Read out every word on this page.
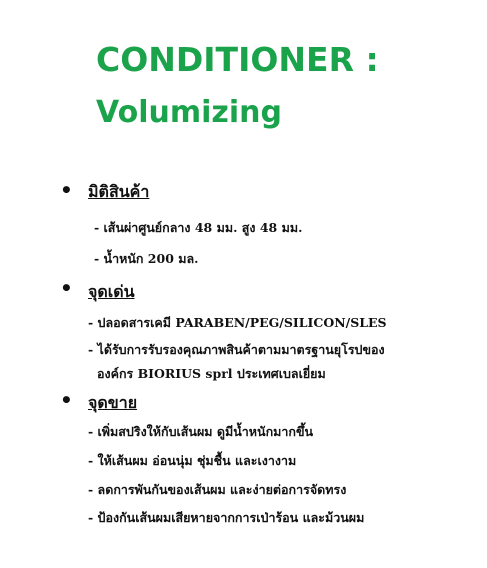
CONDITIONER :
Volumizing
• มิติสินค้า
- เส้นผ่าศูนย์กลาง 48 มม. สูง 48 มม.
- น้ำหนัก 200 มล.
• จุดเด่น
- ปลอดสารเคมี PARABEN/PEG/SILICON/SLES
- ได้รับการรับรองคุณภาพสินค้าตามมาตรฐานยุโรปของ
องค์กร BIORIUS sprl ประเทศเบลเยี่ยม
• จุดขาย
- เพิ่มสปริงให้กับเส้นผม ดูมีน้ำหนักมากขึ้น
- ให้เส้นผม อ่อนนุ่ม ชุ่มชื้น และเงางาม
- ลดการพันกันของเส้นผม และง่ายต่อการจัดทรง
- ป้องกันเส้นผมเสียหายจากการเป่าร้อน และม้วนผม
